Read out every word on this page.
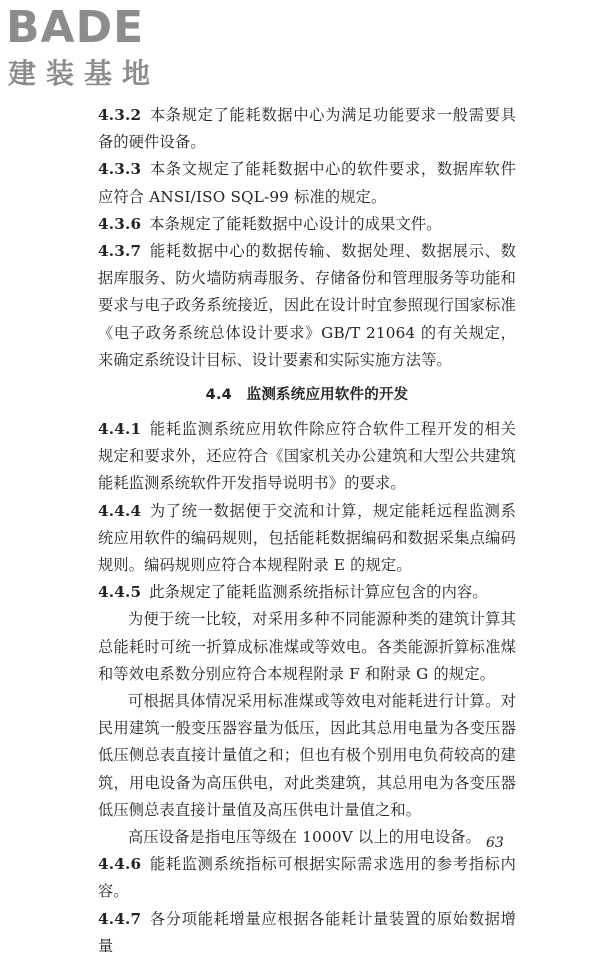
BADE
建装基地

4.3.2 本条规定了能耗数据中心为满足功能要求一般需要具备的硬件设备。

4.3.3 本条文规定了能耗数据中心的软件要求，数据库软件应符合 ANSI/ISO SQL-99 标准的规定。

4.3.6 本条规定了能耗数据中心设计的成果文件。

4.3.7 能耗数据中心的数据传输、数据处理、数据展示、数据库服务、防火墙防病毒服务、存储备份和管理服务等功能和要求与电子政务系统接近，因此在设计时宜参照现行国家标准《电子政务系统总体设计要求》GB/T 21064 的有关规定，来确定系统设计目标、设计要素和实际实施方法等。

4.4　监测系统应用软件的开发

4.4.1 能耗监测系统应用软件除应符合软件工程开发的相关规定和要求外，还应符合《国家机关办公建筑和大型公共建筑能耗监测系统软件开发指导说明书》的要求。

4.4.4 为了统一数据便于交流和计算，规定能耗远程监测系统应用软件的编码规则，包括能耗数据编码和数据采集点编码规则。编码规则应符合本规程附录 E 的规定。

4.4.5 此条规定了能耗监测系统指标计算应包含的内容。

为便于统一比较，对采用多种不同能源种类的建筑计算其总能耗时可统一折算成标准煤或等效电。各类能源折算标准煤和等效电系数分别应符合本规程附录 F 和附录 G 的规定。

可根据具体情况采用标准煤或等效电对能耗进行计算。对民用建筑一般变压器容量为低压，因此其总用电量为各变压器低压侧总表直接计量值之和；但也有极个别用电负荷较高的建筑，用电设备为高压供电，对此类建筑，其总用电为各变压器低压侧总表直接计量值及高压供电计量值之和。

高压设备是指电压等级在 1000V 以上的用电设备。

4.4.6 能耗监测系统指标可根据实际需求选用的参考指标内容。

4.4.7 各分项能耗增量应根据各能耗计量装置的原始数据增量

63
